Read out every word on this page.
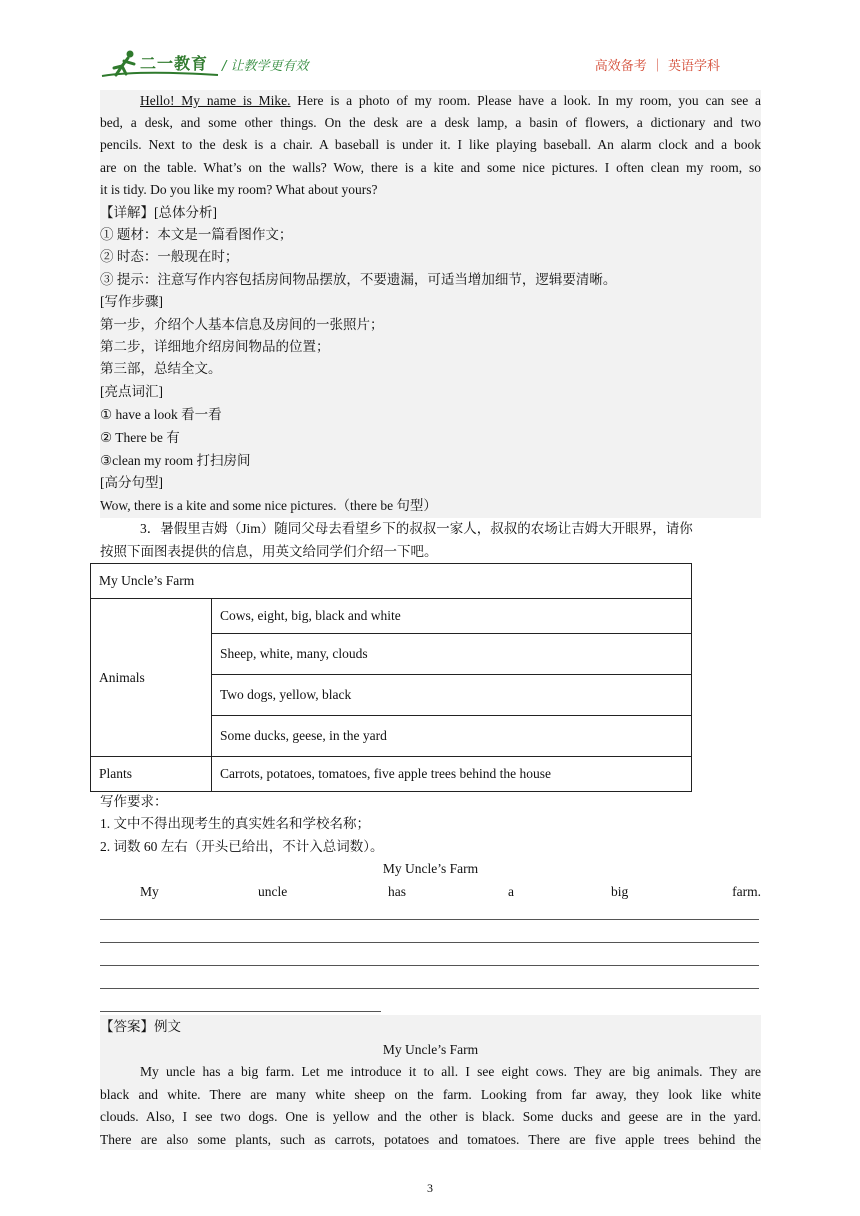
二一教育 / 让教学更有效	高效备考 ｜ 英语学科
Hello! My name is Mike. Here is a photo of my room. Please have a look. In my room, you can see a
bed, a desk, and some other things. On the desk are a desk lamp, a basin of flowers, a dictionary and two
pencils. Next to the desk is a chair. A baseball is under it. I like playing baseball. An alarm clock and a book
are on the table. What’s on the walls? Wow, there is a kite and some nice pictures. I often clean my room, so
it is tidy. Do you like my room? What about yours?
【详解】[总体分析]
① 题材：本文是一篇看图作文；
② 时态：一般现在时；
③ 提示：注意写作内容包括房间物品摆放，不要遗漏，可适当增加细节，逻辑要清晰。
[写作步骤]
第一步，介绍个人基本信息及房间的一张照片；
第二步，详细地介绍房间物品的位置；
第三部，总结全文。
[亮点词汇]
① have a look 看一看
② There be 有
③clean my room 打扫房间
[高分句型]
Wow, there is a kite and some nice pictures.（there be 句型）
3．暑假里吉姆（Jim）随同父母去看望乡下的叔叔一家人，叔叔的农场让吉姆大开眼界，请你
按照下面图表提供的信息，用英文给同学们介绍一下吧。
My Uncle’s Farm	
Animals	Cows, eight, big, black and white
	Sheep, white, many, clouds
	Two dogs, yellow, black
	Some ducks, geese, in the yard
Plants	Carrots, potatoes, tomatoes, five apple trees behind the house
写作要求：
1. 文中不得出现考生的真实姓名和学校名称；
2. 词数 60 左右（开头已给出，不计入总词数）。
My Uncle’s Farm
My	uncle	has	a	big	farm.
【答案】例文
My Uncle’s Farm
My uncle has a big farm. Let me introduce it to all. I see eight cows. They are big animals. They are
black and white. There are many white sheep on the farm. Looking from far away, they look like white
clouds. Also, I see two dogs. One is yellow and the other is black. Some ducks and geese are in the yard.
There are also some plants, such as carrots, potatoes and tomatoes. There are five apple trees behind the
3
